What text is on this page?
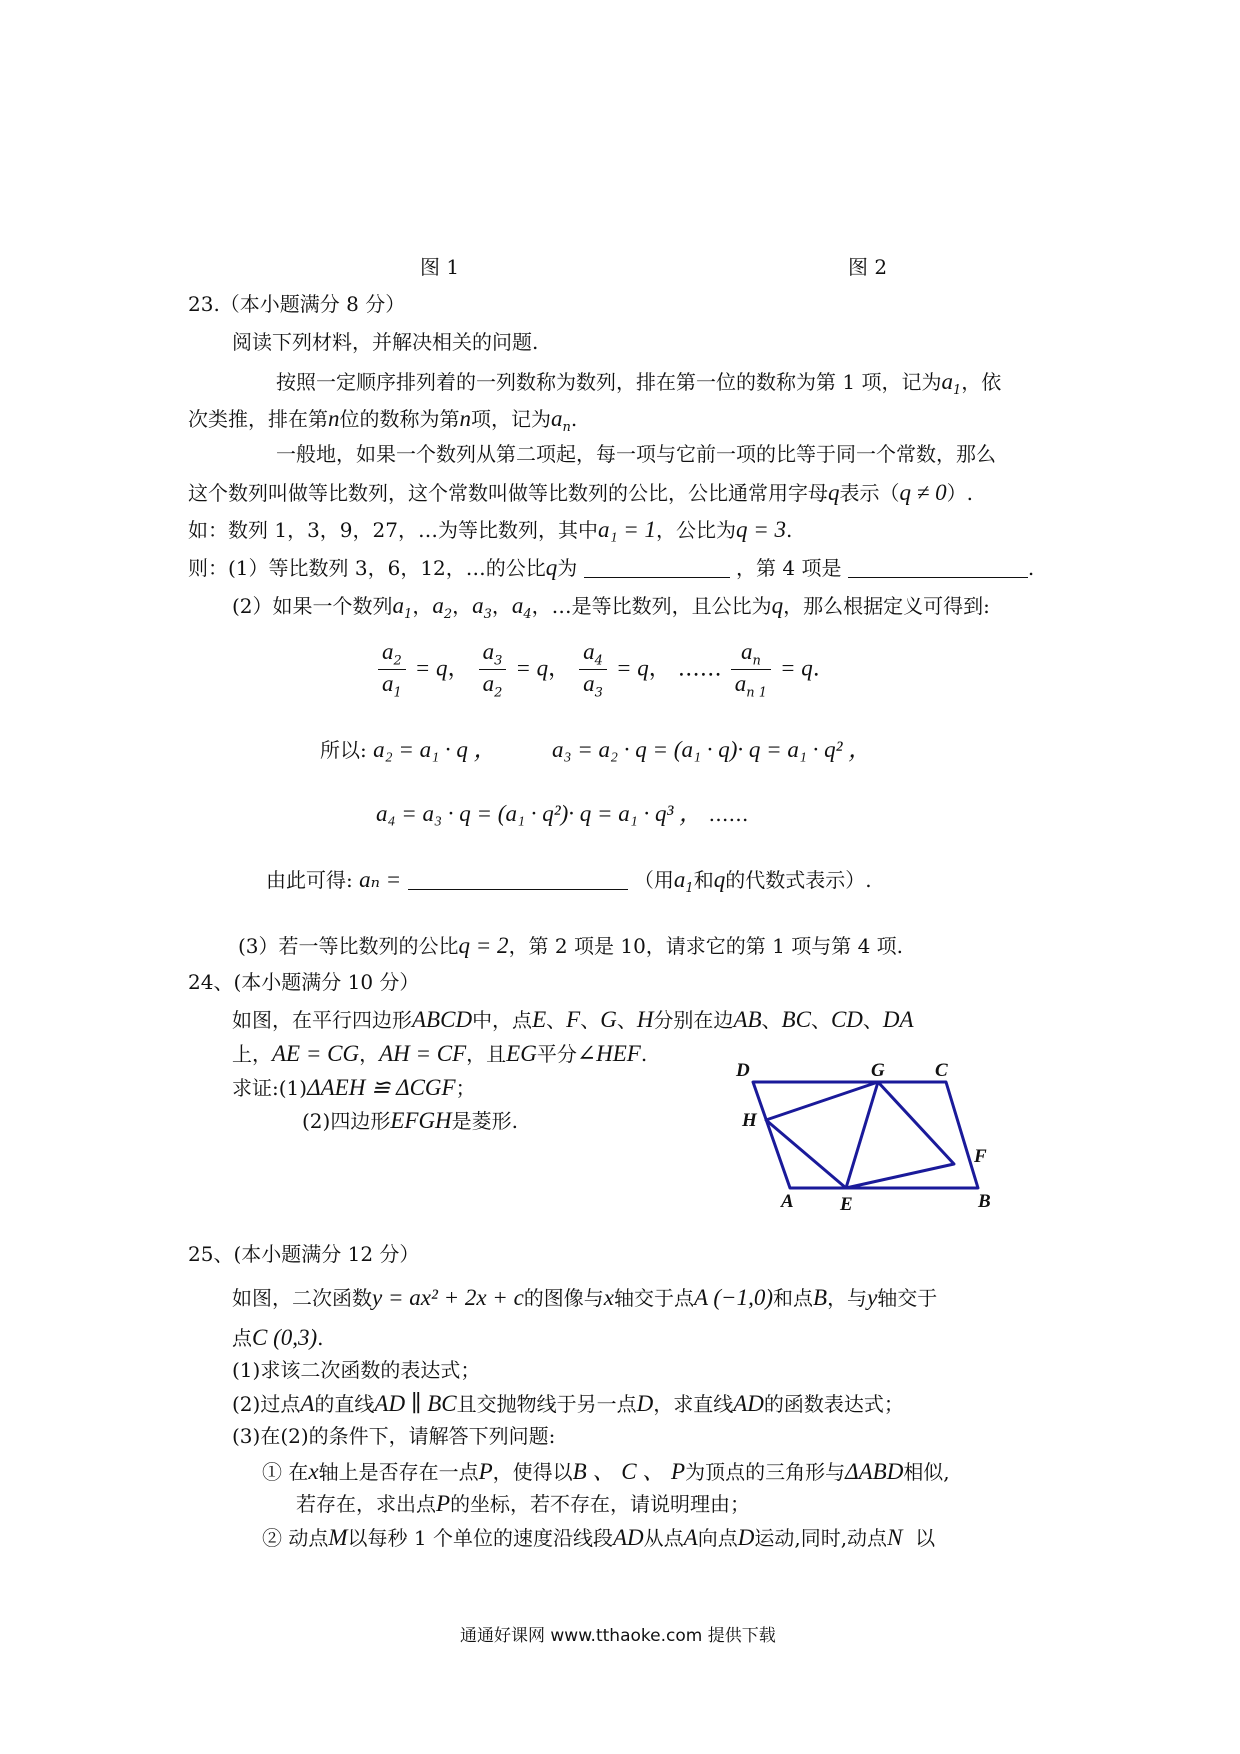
图 1	图 2
23.（本小题满分 8 分）
阅读下列材料，并解决相关的问题.
按照一定顺序排列着的一列数称为数列，排在第一位的数称为第 1 项，记为$a_1$，依
次类推，排在第n位的数称为第n项，记为$a_n$.
一般地，如果一个数列从第二项起，每一项与它前一项的比等于同一个常数，那么
这个数列叫做等比数列，这个常数叫做等比数列的公比，公比通常用字母q表示（q ≠ 0）.
如：数列 1，3，9，27，…为等比数列，其中a₁ = 1，公比为q = 3.
则：(1）等比数列 3，6，12，…的公比q为	，第 4 项是	.
(2）如果一个数列$a_1$，$a_2$，$a_3$，$a_4$，…是等比数列，且公比为q，那么根据定义可得到:
$\frac{a_2}{a_1} = q$， $\frac{a_3}{a_2} = q$， $\frac{a_4}{a_3} = q$， …… $\frac{a_n}{a_{n 1}} = q$.
所以: a₂ = a₁ · q ， a₃ = a₂ · q = (a₁ · q)· q = a₁ · q² ，
a₄ = a₃ · q = (a₁ · q²)· q = a₁ · q³ ， ……
由此可得: aₙ =	（用$a_1$和q的代数式表示）.
(3）若一等比数列的公比q = 2，第 2 项是 10，请求它的第 1 项与第 4 项.
24、(本小题满分 10 分）
如图，在平行四边形ABCD中，点E、F、G、H分别在边AB、BC、CD、DA
上，AE = CG，AH = CF，且EG平分∠HEF.
求证:(1)ΔAEH ≌ ΔCGF；
(2)四边形EFGH是菱形.
D	G	C
H
F
A E	B
25、(本小题满分 12 分）
如图，二次函数y = ax² + 2x + c的图像与x轴交于点A (−1,0)和点B，与y轴交于
点C (0,3).
(1)求该二次函数的表达式；
(2)过点A的直线AD ∥ BC且交抛物线于另一点D，求直线AD的函数表达式；
(3)在(2)的条件下，请解答下列问题:
① 在x轴上是否存在一点P，使得以B 、 C 、 P为顶点的三角形与ΔABD相似,
若存在，求出点P的坐标，若不存在，请说明理由；
② 动点M以每秒 1 个单位的速度沿线段AD从点A向点D运动,同时,动点N 以
通通好课网 www.tthaoke.com 提供下载
